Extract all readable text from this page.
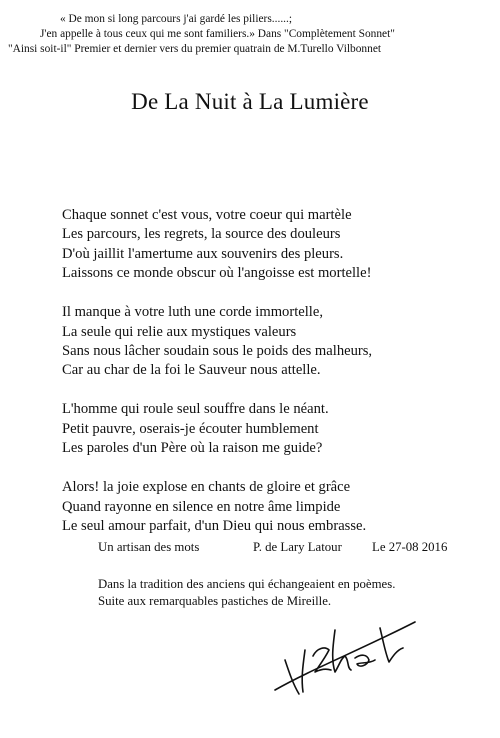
« De mon si long parcours j'ai gardé les piliers......;
J'en appelle à tous ceux qui me sont familiers.» Dans "Complètement Sonnet"
"Ainsi soit-il" Premier et dernier vers du premier quatrain de M.Turello Vilbonnet
De La Nuit à La Lumière
Chaque sonnet c'est vous, votre coeur qui martèle
Les parcours, les regrets, la source des douleurs
D'où jaillit l'amertume aux souvenirs des pleurs.
Laissons ce monde obscur où l'angoisse est mortelle!
Il manque à votre luth une corde immortelle,
La seule qui relie aux mystiques valeurs
Sans nous lâcher soudain sous le poids des malheurs,
Car au char de la foi le Sauveur nous attelle.
L'homme qui roule seul souffre dans le néant.
Petit pauvre, oserais-je écouter humblement
Les paroles d'un Père où la raison me guide?
Alors! la joie explose en chants de gloire et grâce
Quand rayonne en silence en notre âme limpide
Le seul amour parfait, d'un Dieu qui nous embrasse.
Un artisan des mots	P. de Lary Latour Le 27-08 2016
Dans la tradition des anciens qui échangeaient en poèmes.
Suite aux remarquables pastiches de Mireille.
